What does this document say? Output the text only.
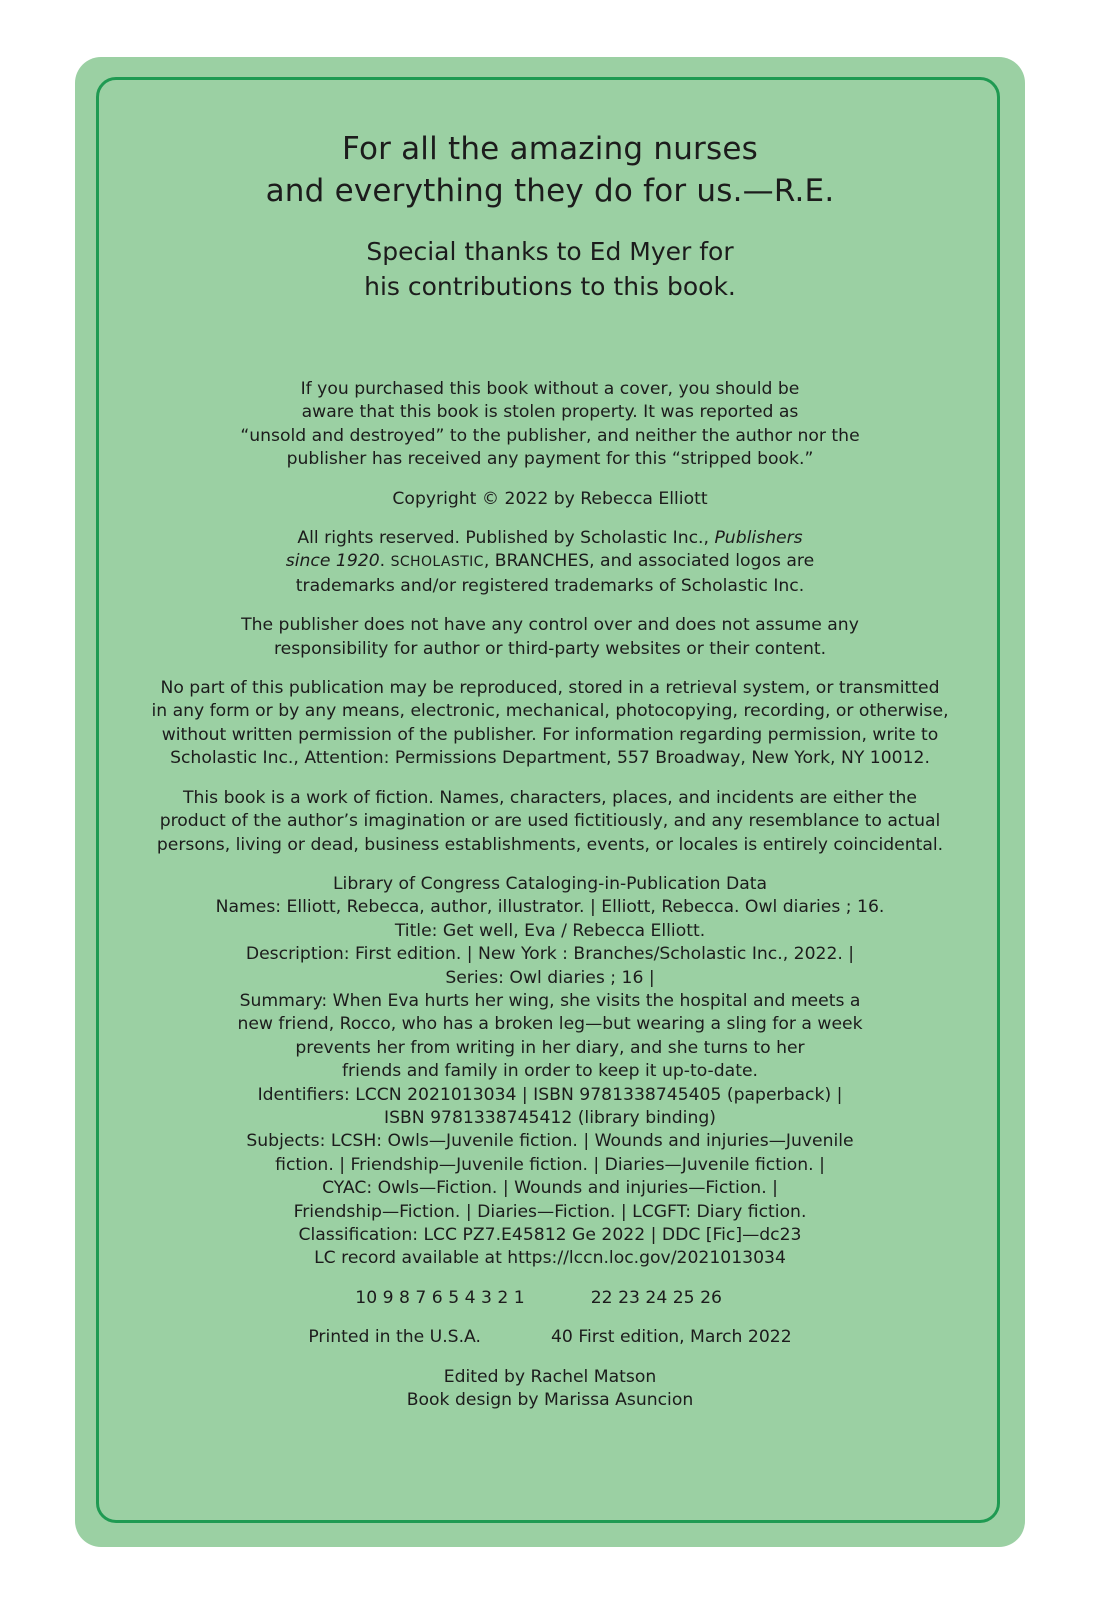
For all the amazing nurses
and everything they do for us.—R.E.
Special thanks to Ed Myer for
his contributions to this book.
If you purchased this book without a cover, you should be
aware that this book is stolen property. It was reported as
“unsold and destroyed” to the publisher, and neither the author nor the
publisher has received any payment for this “stripped book.”
Copyright © 2022 by Rebecca Elliott
All rights reserved. Published by Scholastic Inc., Publishers
since 1920. SCHOLASTIC, BRANCHES, and associated logos are
trademarks and/or registered trademarks of Scholastic Inc.
The publisher does not have any control over and does not assume any
responsibility for author or third-party websites or their content.
No part of this publication may be reproduced, stored in a retrieval system, or transmitted
in any form or by any means, electronic, mechanical, photocopying, recording, or otherwise,
without written permission of the publisher. For information regarding permission, write to
Scholastic Inc., Attention: Permissions Department, 557 Broadway, New York, NY 10012.
This book is a work of fiction. Names, characters, places, and incidents are either the
product of the author’s imagination or are used fictitiously, and any resemblance to actual
persons, living or dead, business establishments, events, or locales is entirely coincidental.
Library of Congress Cataloging-in-Publication Data
Names: Elliott, Rebecca, author, illustrator. | Elliott, Rebecca. Owl diaries ; 16.
Title: Get well, Eva / Rebecca Elliott.
Description: First edition. | New York : Branches/Scholastic Inc., 2022. |
Series: Owl diaries ; 16 |
Summary: When Eva hurts her wing, she visits the hospital and meets a
new friend, Rocco, who has a broken leg—but wearing a sling for a week
prevents her from writing in her diary, and she turns to her
friends and family in order to keep it up-to-date.
Identifiers: LCCN 2021013034 | ISBN 9781338745405 (paperback) |
ISBN 9781338745412 (library binding)
Subjects: LCSH: Owls—Juvenile fiction. | Wounds and injuries—Juvenile
fiction. | Friendship—Juvenile fiction. | Diaries—Juvenile fiction. |
CYAC: Owls—Fiction. | Wounds and injuries—Fiction. |
Friendship—Fiction. | Diaries—Fiction. | LCGFT: Diary fiction.
Classification: LCC PZ7.E45812 Ge 2022 | DDC [Fic]—dc23
LC record available at https://lccn.loc.gov/2021013034
10 9 8 7 6 5 4 3 2 1	22 23 24 25 26
Printed in the U.S.A.	40 First edition, March 2022
Edited by Rachel Matson
Book design by Marissa Asuncion
